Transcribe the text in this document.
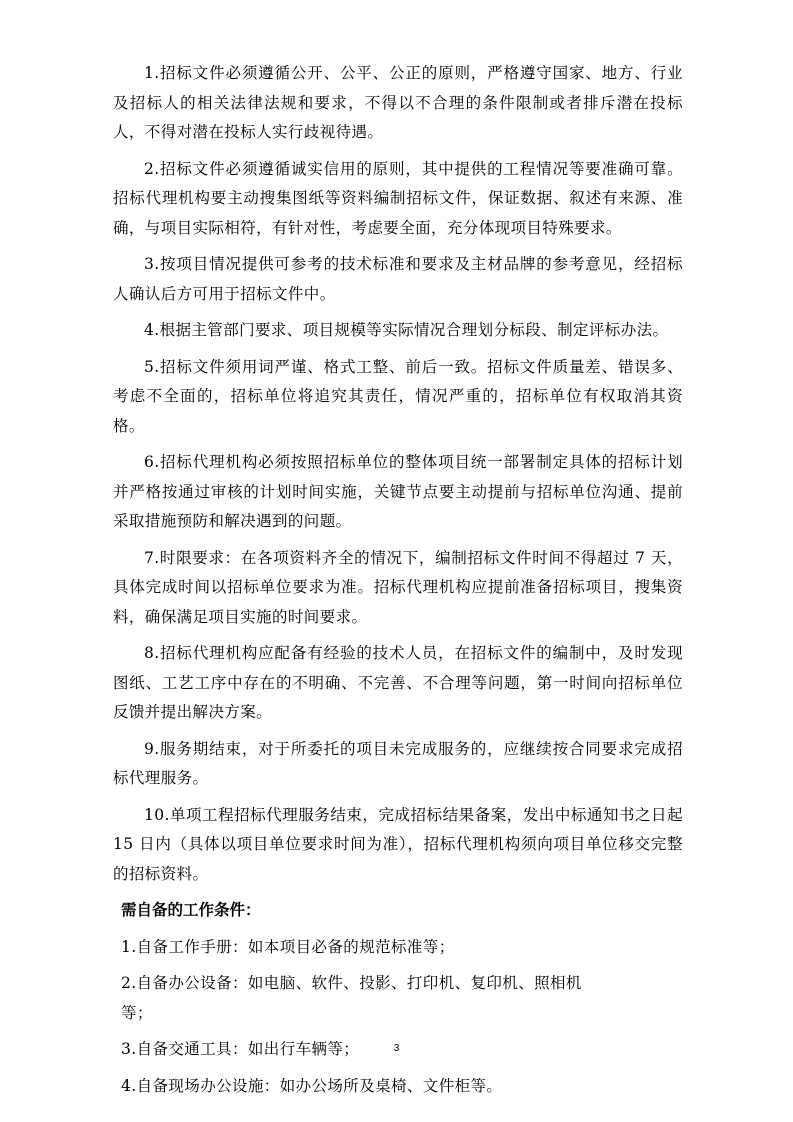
1.招标文件必须遵循公开、公平、公正的原则，严格遵守国家、地方、行业及招标人的相关法律法规和要求，不得以不合理的条件限制或者排斥潜在投标人，不得对潜在投标人实行歧视待遇。

2.招标文件必须遵循诚实信用的原则，其中提供的工程情况等要准确可靠。招标代理机构要主动搜集图纸等资料编制招标文件，保证数据、叙述有来源、准确，与项目实际相符，有针对性，考虑要全面，充分体现项目特殊要求。

3.按项目情况提供可参考的技术标准和要求及主材品牌的参考意见，经招标人确认后方可用于招标文件中。

4.根据主管部门要求、项目规模等实际情况合理划分标段、制定评标办法。

5.招标文件须用词严谨、格式工整、前后一致。招标文件质量差、错误多、考虑不全面的，招标单位将追究其责任，情况严重的，招标单位有权取消其资格。

6.招标代理机构必须按照招标单位的整体项目统一部署制定具体的招标计划并严格按通过审核的计划时间实施，关键节点要主动提前与招标单位沟通、提前采取措施预防和解决遇到的问题。

7.时限要求：在各项资料齐全的情况下，编制招标文件时间不得超过 7 天，具体完成时间以招标单位要求为准。招标代理机构应提前准备招标项目，搜集资料，确保满足项目实施的时间要求。

8.招标代理机构应配备有经验的技术人员，在招标文件的编制中，及时发现图纸、工艺工序中存在的不明确、不完善、不合理等问题，第一时间向招标单位反馈并提出解决方案。

9.服务期结束，对于所委托的项目未完成服务的，应继续按合同要求完成招标代理服务。

10.单项工程招标代理服务结束，完成招标结果备案，发出中标通知书之日起 15 日内（具体以项目单位要求时间为准），招标代理机构须向项目单位移交完整的招标资料。

需自备的工作条件：

1.自备工作手册：如本项目必备的规范标准等；

2.自备办公设备：如电脑、软件、投影、打印机、复印机、照相机

等；

3.自备交通工具：如出行车辆等；

4.自备现场办公设施：如办公场所及桌椅、文件柜等。

3
